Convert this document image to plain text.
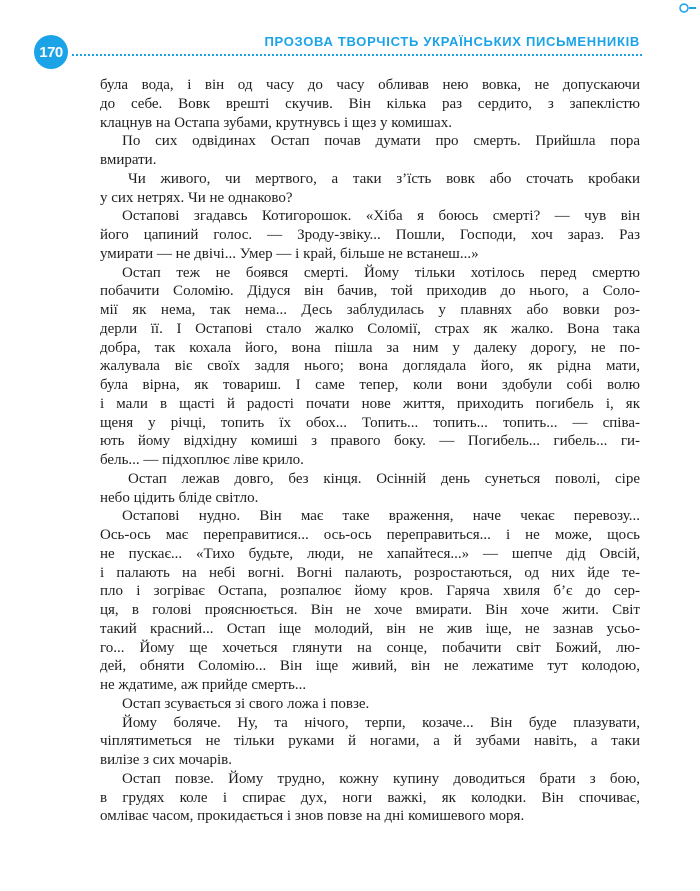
170
ПРОЗОВА ТВОРЧІСТЬ УКРАЇНСЬКИХ ПИСЬМЕННИКІВ

була вода, і він од часу до часу обливав нею вовка, не допускаючи
до себе. Вовк врешті скучив. Він кілька раз сердито, з запеклістю
клацнув на Остапа зубами, крутнувсь і щез у комишах.

По сих одвідинах Остап почав думати про смерть. Прийшла пора
вмирати.

Чи живого, чи мертвого, а таки з’їсть вовк або сточать кробаки
у сих нетрях. Чи не однаково?

Остапові згадавсь Котигорошок. «Хіба я боюсь смерті? — чув він
його цапиний голос. — Зроду-звіку... Пошли, Господи, хоч зараз. Раз
умирати — не двічі... Умер — і край, більше не встанеш...»

Остап теж не боявся смерті. Йому тільки хотілось перед смертю
побачити Соломію. Дідуся він бачив, той приходив до нього, а Соло-
мії як нема, так нема... Десь заблудилась у плавнях або вовки роз-
дерли її. І Остапові стало жалко Соломії, страх як жалко. Вона така
добра, так кохала його, вона пішла за ним у далеку дорогу, не по-
жалувала віє своїх задля нього; вона доглядала його, як рідна мати,
була вірна, як товариш. І саме тепер, коли вони здобули собі волю
і мали в щасті й радості почати нове життя, приходить погибель і, як
щеня у річці, топить їх обох... Топить... топить... топить... — співа-
ють йому відхідну комиші з правого боку. — Погибель... гибель... ги-
бель... — підхоплює ліве крило.

Остап лежав довго, без кінця. Осінній день сунеться поволі, сіре
небо цідить бліде світло.

Остапові нудно. Він має таке враження, наче чекає перевозу...
Ось-ось має переправитися... ось-ось переправиться... і не може, щось
не пускає... «Тихо будьте, люди, не хапайтеся...» — шепче дід Овсій,
і палають на небі вогні. Вогні палають, розростаються, од них йде те-
пло і зогріває Остапа, розпалює йому кров. Гаряча хвиля б’є до сер-
ця, в голові прояснюється. Він не хоче вмирати. Він хоче жити. Світ
такий красний... Остап іще молодий, він не жив іще, не зазнав усьо-
го... Йому ще хочеться глянути на сонце, побачити світ Божий, лю-
дей, обняти Соломію... Він іще живий, він не лежатиме тут колодою,
не ждатиме, аж прийде смерть...

Остап зсувається зі свого ложа і повзе.

Йому боляче. Ну, та нічого, терпи, козаче... Він буде плазувати,
чіплятиметься не тільки руками й ногами, а й зубами навіть, а таки
вилізе з сих мочарів.

Остап повзе. Йому трудно, кожну купину доводиться брати з бою,
в грудях коле і спирає дух, ноги важкі, як колодки. Він спочиває,
омліває часом, прокидається і знов повзе на дні комишевого моря.
